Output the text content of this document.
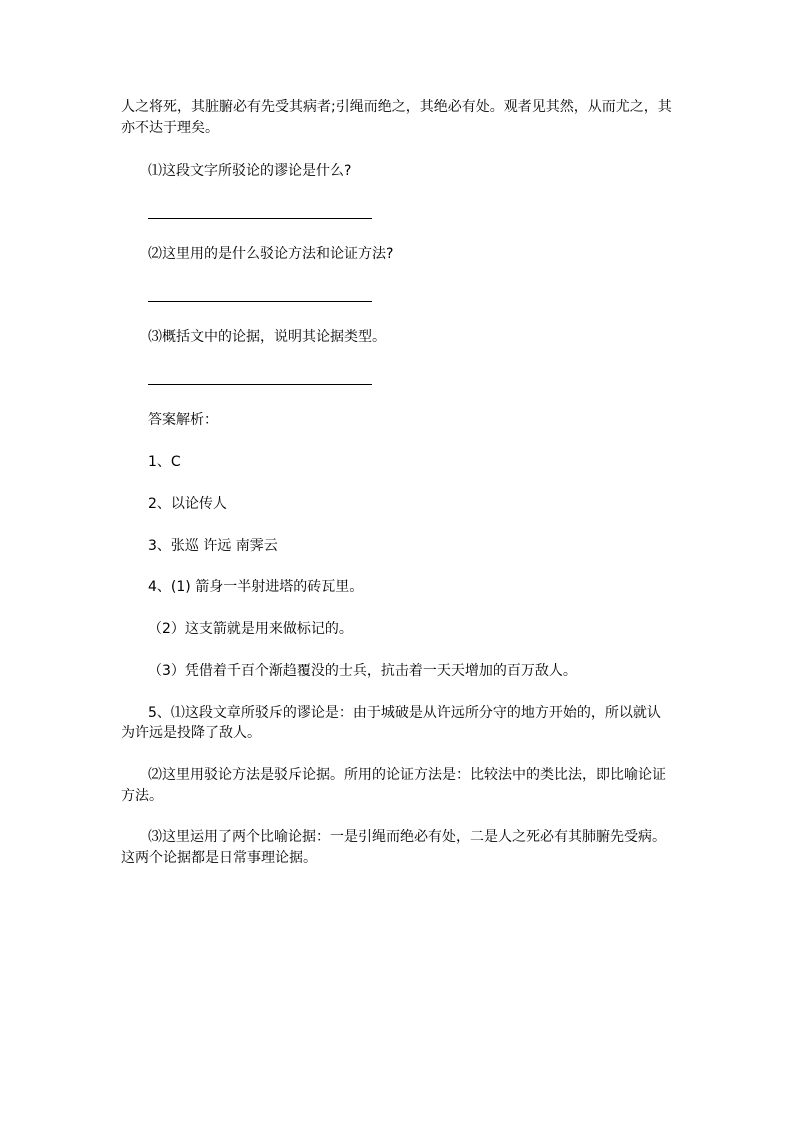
人之将死，其脏腑必有先受其病者;引绳而绝之，其绝必有处。观者见其然，从而尤之，其
亦不达于理矣。
⑴这段文字所驳论的谬论是什么?
⑵这里用的是什么驳论方法和论证方法?
⑶概括文中的论据，说明其论据类型。
答案解析：
1、C
2、以论传人
3、张巡 许远 南霁云
4、(1) 箭身一半射进塔的砖瓦里。
（2）这支箭就是用来做标记的。
（3）凭借着千百个渐趋覆没的士兵，抗击着一天天增加的百万敌人。
5、⑴这段文章所驳斥的谬论是：由于城破是从许远所分守的地方开始的，所以就认
为许远是投降了敌人。
⑵这里用驳论方法是驳斥论据。所用的论证方法是：比较法中的类比法，即比喻论证
方法。
⑶这里运用了两个比喻论据：一是引绳而绝必有处，二是人之死必有其肺腑先受病。
这两个论据都是日常事理论据。
